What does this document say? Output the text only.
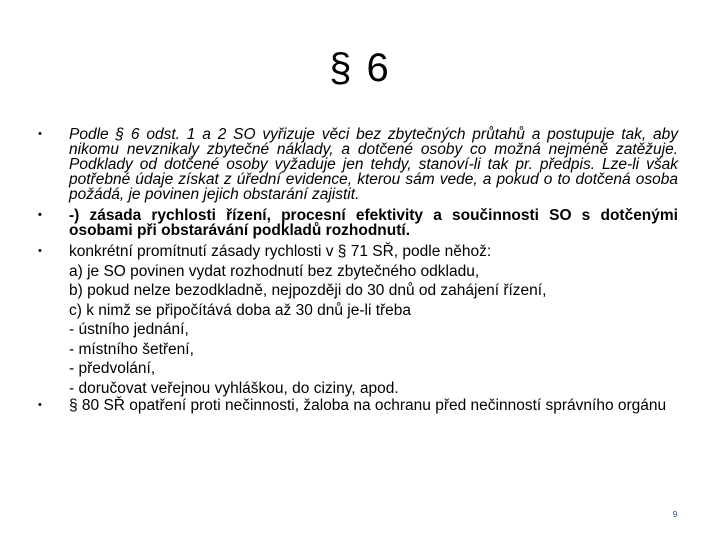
§ 6
• Podle § 6 odst. 1 a 2 SO vyřizuje věci bez zbytečných průtahů a postupuje tak, aby nikomu nevznikaly zbytečné náklady, a dotčené osoby co možná nejméně zatěžuje. Podklady od dotčené osoby vyžaduje jen tehdy, stanoví-li tak pr. předpis. Lze-li však potřebné údaje získat z úřední evidence, kterou sám vede, a pokud o to dotčená osoba požádá, je povinen jejich obstarání zajistit.
• -) zásada rychlosti řízení, procesní efektivity a součinnosti SO s dotčenými osobami při obstarávání podkladů rozhodnutí.
• konkrétní promítnutí zásady rychlosti v § 71 SŘ, podle něhož:
a) je SO povinen vydat rozhodnutí bez zbytečného odkladu,
b) pokud nelze bezodkladně, nejpozději do 30 dnů od zahájení řízení,
c) k nimž se připočítává doba až 30 dnů je-li třeba
- ústního jednání,
- místního šetření,
- předvolání,
- doručovat veřejnou vyhláškou, do ciziny, apod.
• § 80 SŘ opatření proti nečinnosti, žaloba na ochranu před nečinností správního orgánu
9
